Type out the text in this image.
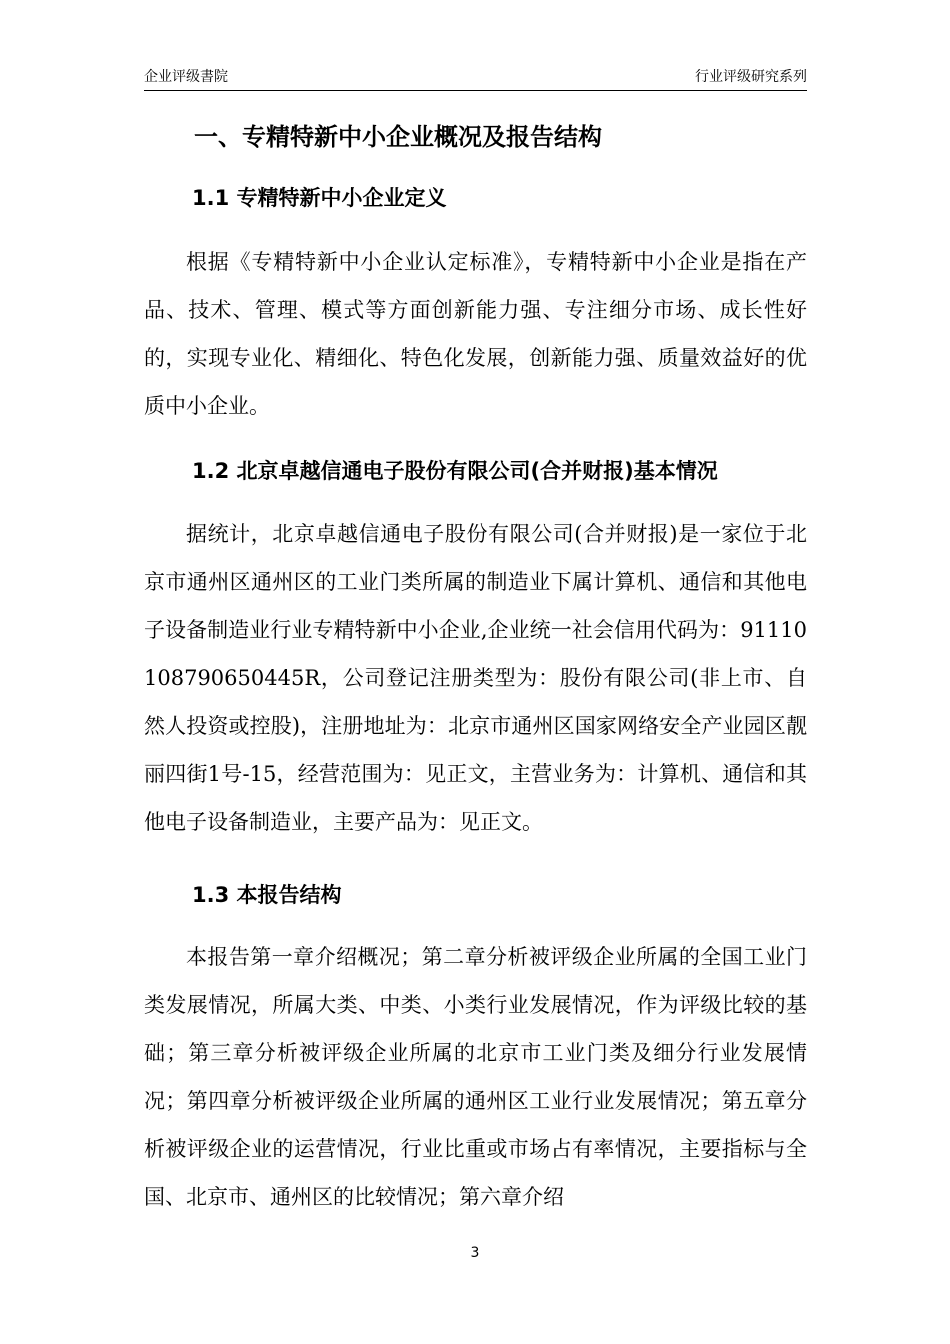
企业评级書院	行业评级研究系列
一、专精特新中小企业概况及报告结构
1.1 专精特新中小企业定义
根据《专精特新中小企业认定标准》，专精特新中小企业是指在产品、技术、管理、模式等方面创新能力强、专注细分市场、成长性好的，实现专业化、精细化、特色化发展，创新能力强、质量效益好的优质中小企业。
1.2 北京卓越信通电子股份有限公司(合并财报)基本情况
据统计，北京卓越信通电子股份有限公司(合并财报)是一家位于北京市通州区通州区的工业门类所属的制造业下属计算机、通信和其他电子设备制造业行业专精特新中小企业,企业统一社会信用代码为：91110108790650445R，公司登记注册类型为：股份有限公司(非上市、自然人投资或控股)，注册地址为：北京市通州区国家网络安全产业园区靓丽四街1号-15，经营范围为：见正文，主营业务为：计算机、通信和其他电子设备制造业，主要产品为：见正文。
1.3 本报告结构
本报告第一章介绍概况；第二章分析被评级企业所属的全国工业门类发展情况，所属大类、中类、小类行业发展情况，作为评级比较的基础；第三章分析被评级企业所属的北京市工业门类及细分行业发展情况；第四章分析被评级企业所属的通州区工业行业发展情况；第五章分析被评级企业的运营情况，行业比重或市场占有率情况，主要指标与全国、北京市、通州区的比较情况；第六章介绍
3
